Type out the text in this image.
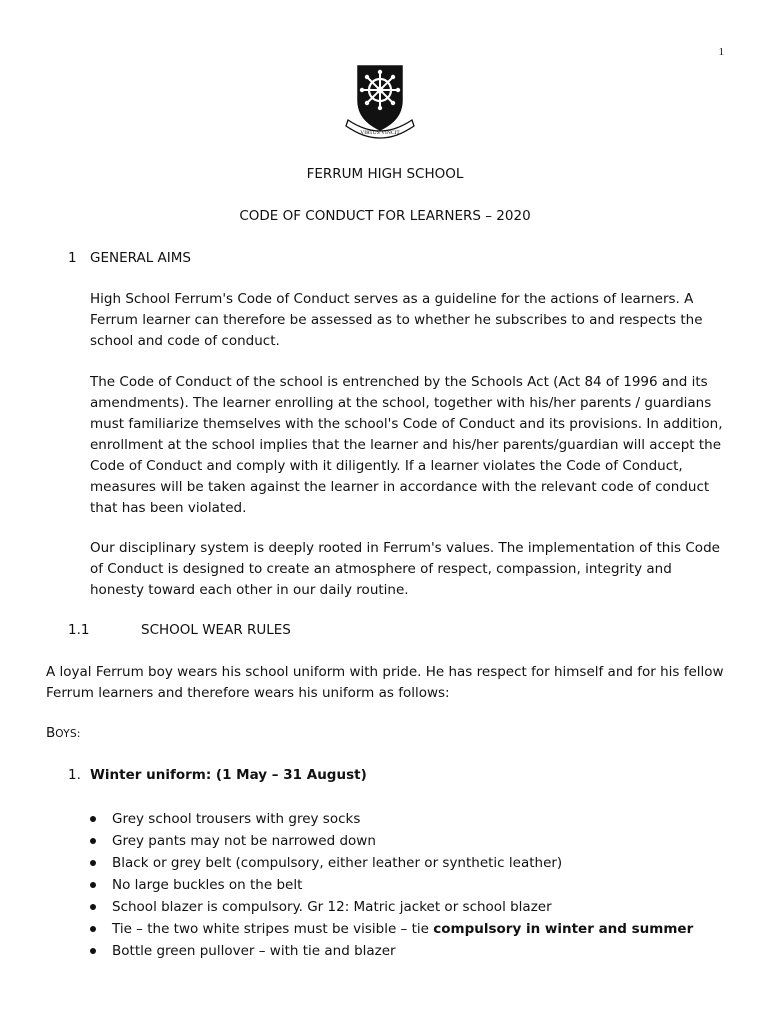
1
VIRTUS VINCIT
FERRUM HIGH SCHOOL
CODE OF CONDUCT FOR LEARNERS – 2020
1 GENERAL AIMS

High School Ferrum's Code of Conduct serves as a guideline for the actions of learners. A Ferrum learner can therefore be assessed as to whether he subscribes to and respects the school and code of conduct.

The Code of Conduct of the school is entrenched by the Schools Act (Act 84 of 1996 and its amendments). The learner enrolling at the school, together with his/her parents / guardians must familiarize themselves with the school's Code of Conduct and its provisions. In addition, enrollment at the school implies that the learner and his/her parents/guardian will accept the Code of Conduct and comply with it diligently. If a learner violates the Code of Conduct, measures will be taken against the learner in accordance with the relevant code of conduct that has been violated.

Our disciplinary system is deeply rooted in Ferrum's values. The implementation of this Code of Conduct is designed to create an atmosphere of respect, compassion, integrity and honesty toward each other in our daily routine.

1.1	SCHOOL WEAR RULES

A loyal Ferrum boy wears his school uniform with pride. He has respect for himself and for his fellow Ferrum learners and therefore wears his uniform as follows:

BOYS:
1. Winter uniform: (1 May – 31 August)
Grey school trousers with grey socks
Grey pants may not be narrowed down
Black or grey belt (compulsory, either leather or synthetic leather)
No large buckles on the belt
School blazer is compulsory. Gr 12: Matric jacket or school blazer
Tie – the two white stripes must be visible – tie compulsory in winter and summer
Bottle green pullover – with tie and blazer
